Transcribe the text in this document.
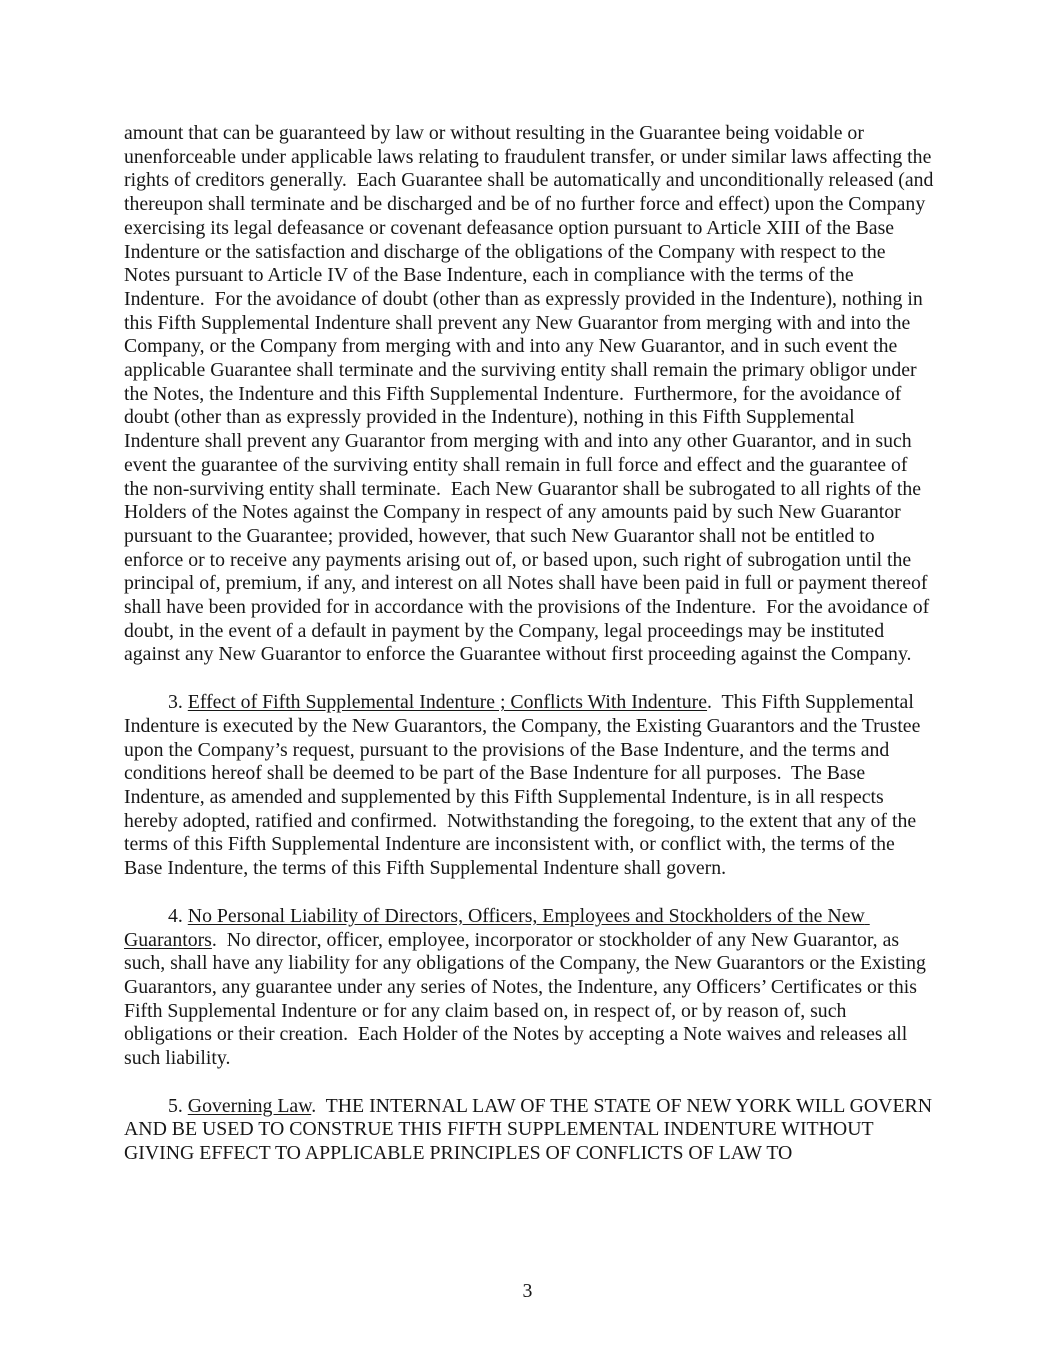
amount that can be guaranteed by law or without resulting in the Guarantee being voidable or unenforceable under applicable laws relating to fraudulent transfer, or under similar laws affecting the rights of creditors generally.  Each Guarantee shall be automatically and unconditionally released (and thereupon shall terminate and be discharged and be of no further force and effect) upon the Company exercising its legal defeasance or covenant defeasance option pursuant to Article XIII of the Base Indenture or the satisfaction and discharge of the obligations of the Company with respect to the Notes pursuant to Article IV of the Base Indenture, each in compliance with the terms of the Indenture.  For the avoidance of doubt (other than as expressly provided in the Indenture), nothing in this Fifth Supplemental Indenture shall prevent any New Guarantor from merging with and into the Company, or the Company from merging with and into any New Guarantor, and in such event the applicable Guarantee shall terminate and the surviving entity shall remain the primary obligor under the Notes, the Indenture and this Fifth Supplemental Indenture.  Furthermore, for the avoidance of doubt (other than as expressly provided in the Indenture), nothing in this Fifth Supplemental Indenture shall prevent any Guarantor from merging with and into any other Guarantor, and in such event the guarantee of the surviving entity shall remain in full force and effect and the guarantee of the non-surviving entity shall terminate.  Each New Guarantor shall be subrogated to all rights of the Holders of the Notes against the Company in respect of any amounts paid by such New Guarantor pursuant to the Guarantee; provided, however, that such New Guarantor shall not be entitled to enforce or to receive any payments arising out of, or based upon, such right of subrogation until the principal of, premium, if any, and interest on all Notes shall have been paid in full or payment thereof shall have been provided for in accordance with the provisions of the Indenture.  For the avoidance of doubt, in the event of a default in payment by the Company, legal proceedings may be instituted against any New Guarantor to enforce the Guarantee without first proceeding against the Company.

3. Effect of Fifth Supplemental Indenture ; Conflicts With Indenture.  This Fifth Supplemental Indenture is executed by the New Guarantors, the Company, the Existing Guarantors and the Trustee upon the Company’s request, pursuant to the provisions of the Base Indenture, and the terms and conditions hereof shall be deemed to be part of the Base Indenture for all purposes.  The Base Indenture, as amended and supplemented by this Fifth Supplemental Indenture, is in all respects hereby adopted, ratified and confirmed.  Notwithstanding the foregoing, to the extent that any of the terms of this Fifth Supplemental Indenture are inconsistent with, or conflict with, the terms of the Base Indenture, the terms of this Fifth Supplemental Indenture shall govern.

4. No Personal Liability of Directors, Officers, Employees and Stockholders of the New Guarantors.  No director, officer, employee, incorporator or stockholder of any New Guarantor, as such, shall have any liability for any obligations of the Company, the New Guarantors or the Existing Guarantors, any guarantee under any series of Notes, the Indenture, any Officers’ Certificates or this Fifth Supplemental Indenture or for any claim based on, in respect of, or by reason of, such obligations or their creation.  Each Holder of the Notes by accepting a Note waives and releases all such liability.

5. Governing Law.  THE INTERNAL LAW OF THE STATE OF NEW YORK WILL GOVERN AND BE USED TO CONSTRUE THIS FIFTH SUPPLEMENTAL INDENTURE WITHOUT GIVING EFFECT TO APPLICABLE PRINCIPLES OF CONFLICTS OF LAW TO

3
